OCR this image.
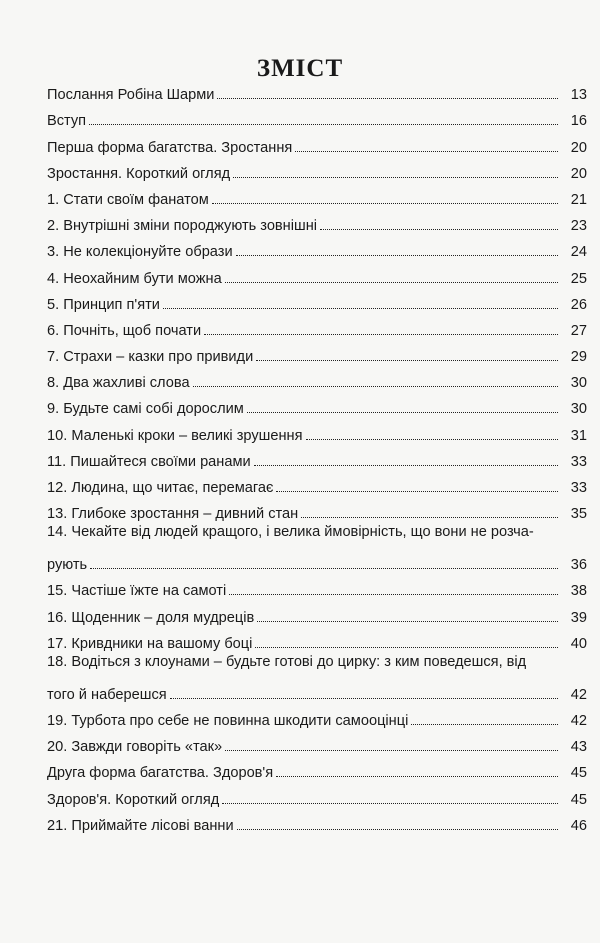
ЗМІСТ
Послання Робіна Шарми	13
Вступ	16
Перша форма багатства. Зростання	20
Зростання. Короткий огляд	20
1. Стати своїм фанатом	21
2. Внутрішні зміни породжують зовнішні	23
3. Не колекціонуйте образи	24
4. Неохайним бути можна	25
5. Принцип п'яти	26
6. Почніть, щоб почати	27
7. Страхи – казки про привиди	29
8. Два жахливі слова	30
9. Будьте самі собі дорослим	30
10. Маленькі кроки – великі зрушення	31
11. Пишайтеся своїми ранами	33
12. Людина, що читає, перемагає	33
13. Глибоке зростання – дивний стан	35
14. Чекайте від людей кращого, і велика ймовірність, що вони не розча-
рують	36
15. Частіше їжте на самоті	38
16. Щоденник – доля мудреців	39
17. Кривдники на вашому боці	40
18. Водіться з клоунами – будьте готові до цирку: з ким поведешся, від
того й наберешся	42
19. Турбота про себе не повинна шкодити самооцінці	42
20. Завжди говоріть «так»	43
Друга форма багатства. Здоров'я	45
Здоров'я. Короткий огляд	45
21. Приймайте лісові ванни	46
